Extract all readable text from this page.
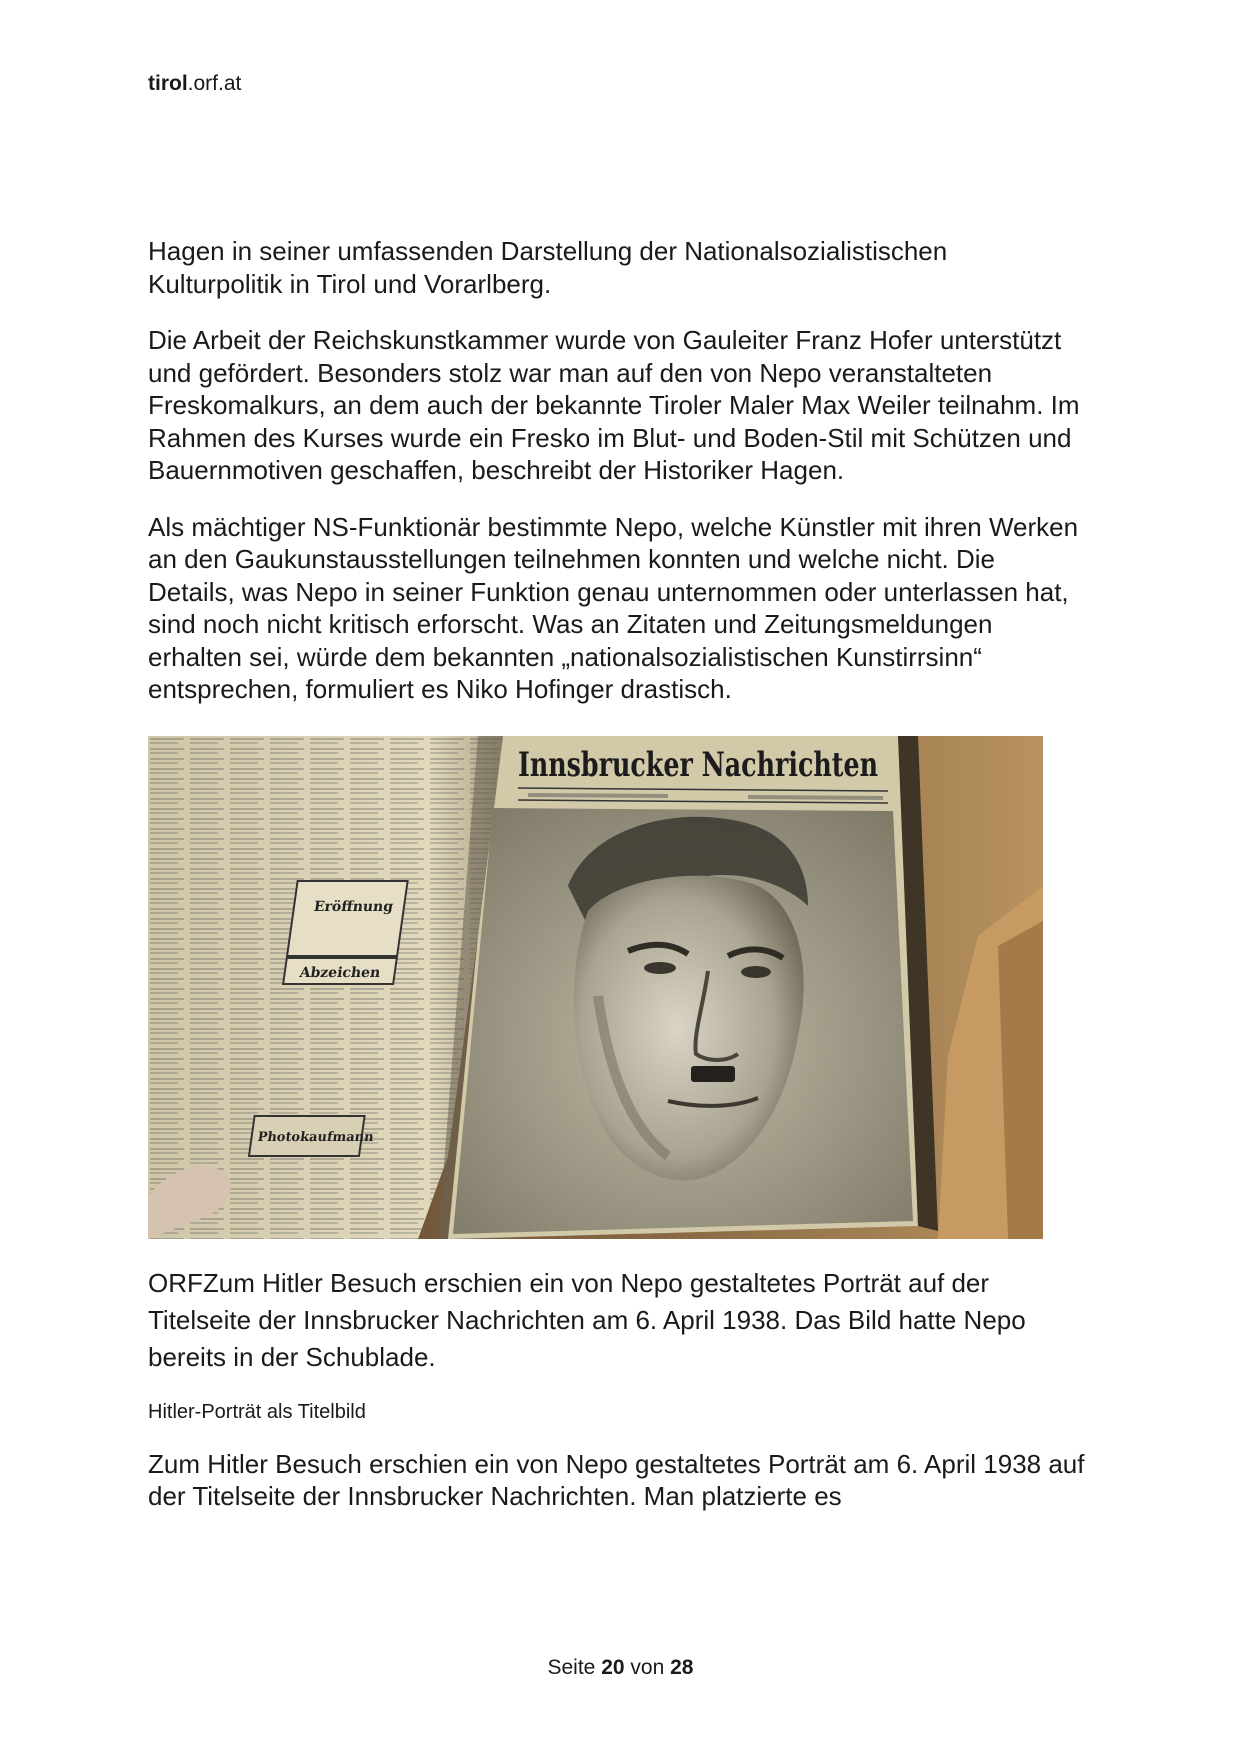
tirol.orf.at

Hagen in seiner umfassenden Darstellung der Nationalsozialistischen Kulturpolitik in Tirol und Vorarlberg.

Die Arbeit der Reichskunstkammer wurde von Gauleiter Franz Hofer unterstützt und gefördert. Besonders stolz war man auf den von Nepo veranstalteten Freskomalkurs, an dem auch der bekannte Tiroler Maler Max Weiler teilnahm. Im Rahmen des Kurses wurde ein Fresko im Blut- und Boden-Stil mit Schützen und Bauernmotiven geschaffen, beschreibt der Historiker Hagen.

Als mächtiger NS-Funktionär bestimmte Nepo, welche Künstler mit ihren Werken an den Gaukunstausstellungen teilnehmen konnten und welche nicht. Die Details, was Nepo in seiner Funktion genau unternommen oder unterlassen hat, sind noch nicht kritisch erforscht. Was an Zitaten und Zeitungsmeldungen erhalten sei, würde dem bekannten „nationalsozialistischen Kunstirrsinn“ entsprechen, formuliert es Niko Hofinger drastisch.

Eröffnung
Abzeichen
Photokaufmann
Innsbrucker Nachrichten

ORFZum Hitler Besuch erschien ein von Nepo gestaltetes Porträt auf der Titelseite der Innsbrucker Nachrichten am 6. April 1938. Das Bild hatte Nepo bereits in der Schublade.

Hitler-Porträt als Titelbild

Zum Hitler Besuch erschien ein von Nepo gestaltetes Porträt am 6. April 1938 auf der Titelseite der Innsbrucker Nachrichten. Man platzierte es

Seite 20 von 28
